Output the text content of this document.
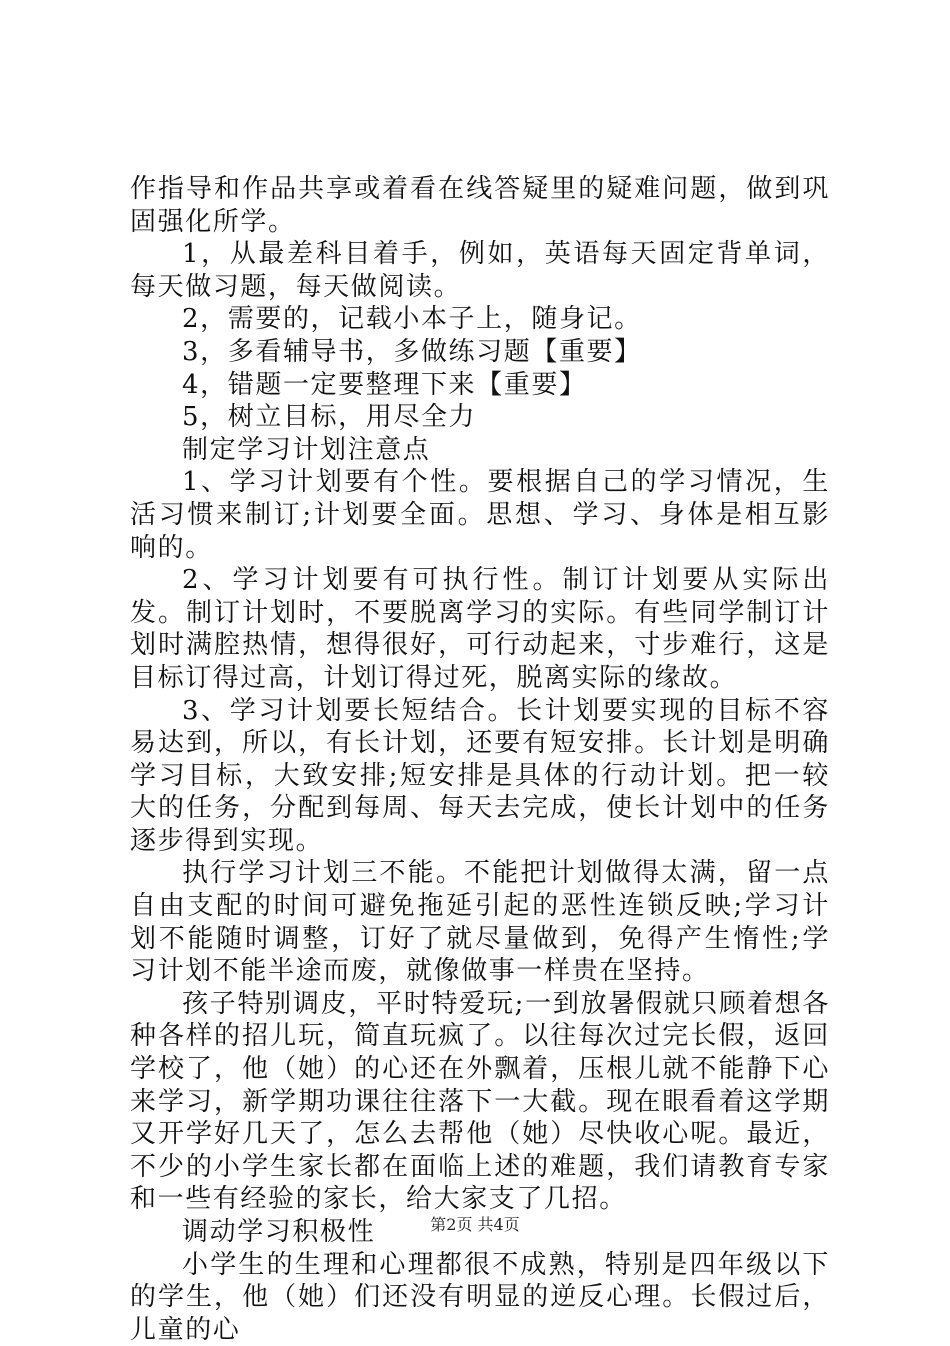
作指导和作品共享或着看在线答疑里的疑难问题，做到巩固强化所学。

1，从最差科目着手，例如，英语每天固定背单词，每天做习题，每天做阅读。

2，需要的，记载小本子上，随身记。

3，多看辅导书，多做练习题【重要】

4，错题一定要整理下来【重要】

5，树立目标，用尽全力

制定学习计划注意点

1、学习计划要有个性。要根据自己的学习情况，生活习惯来制订;计划要全面。思想、学习、身体是相互影响的。

2、学习计划要有可执行性。制订计划要从实际出发。制订计划时，不要脱离学习的实际。有些同学制订计划时满腔热情，想得很好，可行动起来，寸步难行，这是目标订得过高，计划订得过死，脱离实际的缘故。

3、学习计划要长短结合。长计划要实现的目标不容易达到，所以，有长计划，还要有短安排。长计划是明确学习目标，大致安排;短安排是具体的行动计划。把一较大的任务，分配到每周、每天去完成，使长计划中的任务逐步得到实现。

执行学习计划三不能。不能把计划做得太满，留一点自由支配的时间可避免拖延引起的恶性连锁反映;学习计划不能随时调整，订好了就尽量做到，免得产生惰性;学习计划不能半途而废，就像做事一样贵在坚持。

孩子特别调皮，平时特爱玩;一到放暑假就只顾着想各种各样的招儿玩，简直玩疯了。以往每次过完长假，返回学校了，他（她）的心还在外飘着，压根儿就不能静下心来学习，新学期功课往往落下一大截。现在眼看着这学期又开学好几天了，怎么去帮他（她）尽快收心呢。最近，不少的小学生家长都在面临上述的难题，我们请教育专家和一些有经验的家长，给大家支了几招。

调动学习积极性

小学生的生理和心理都很不成熟，特别是四年级以下的学生，他（她）们还没有明显的逆反心理。长假过后，儿童的心

第2页 共4页
